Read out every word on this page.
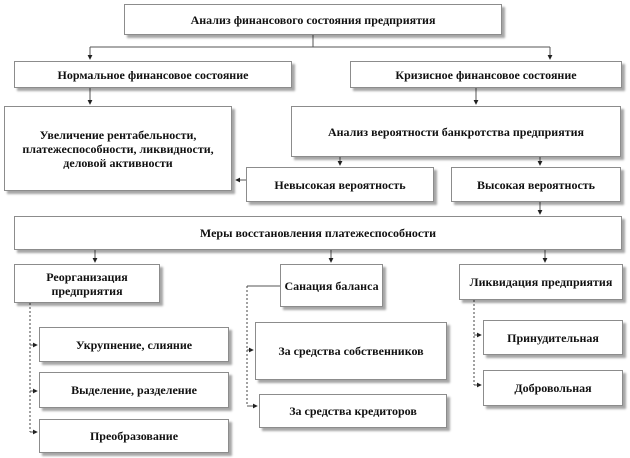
Анализ финансового состояния предприятия
Нормальное финансовое состояние	Кризисное финансовое состояние
Увеличение рентабельности, платежеспособности, ликвидности, деловой активности
Анализ вероятности банкротства предприятия
Невысокая вероятность	Высокая вероятность
Меры восстановления платежеспособности
Реорганизация предприятия	Санация баланса	Ликвидация предприятия
Укрупнение, слияние
Выделение, разделение
Преобразование
За средства собственников
За средства кредиторов
Принудительная
Добровольная
